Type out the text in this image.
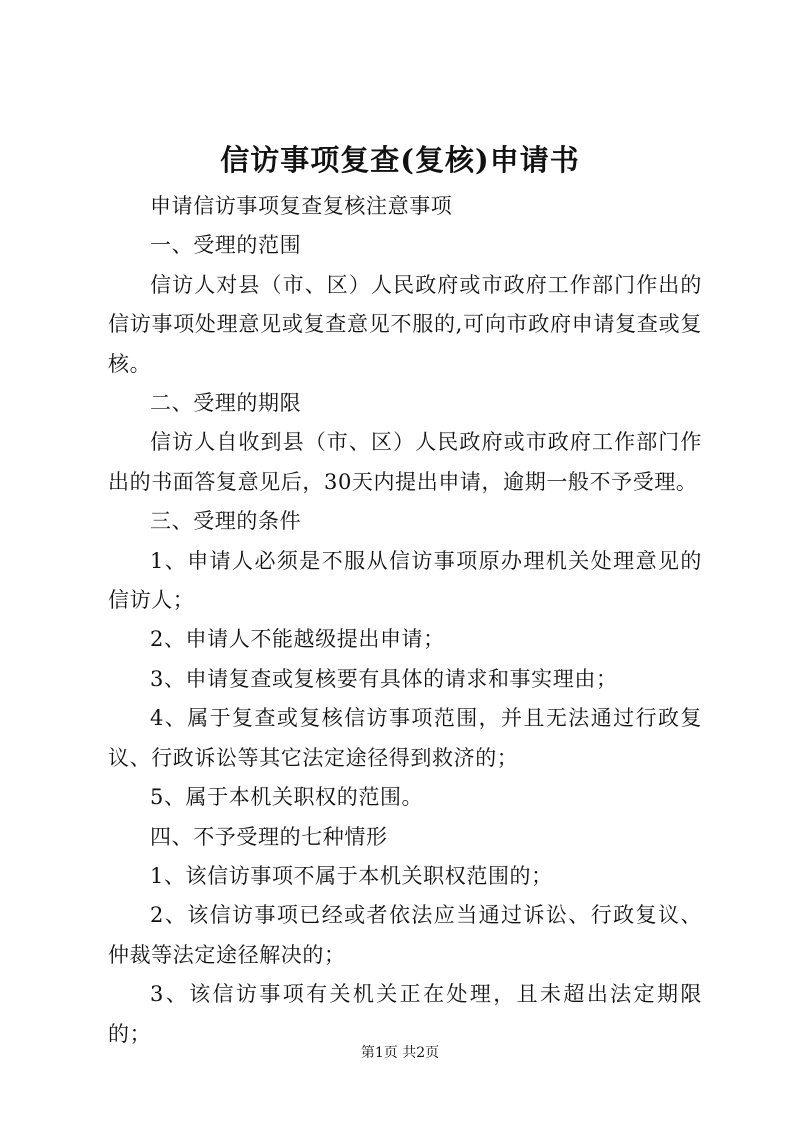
信访事项复查(复核)申请书

申请信访事项复查复核注意事项

一、受理的范围

信访人对县（市、区）人民政府或市政府工作部门作出的信访事项处理意见或复查意见不服的,可向市政府申请复查或复核。

二、受理的期限

信访人自收到县（市、区）人民政府或市政府工作部门作出的书面答复意见后，30天内提出申请，逾期一般不予受理。

三、受理的条件

1、申请人必须是不服从信访事项原办理机关处理意见的信访人；

2、申请人不能越级提出申请；

3、申请复查或复核要有具体的请求和事实理由；

4、属于复查或复核信访事项范围，并且无法通过行政复议、行政诉讼等其它法定途径得到救济的；

5、属于本机关职权的范围。

四、不予受理的七种情形

1、该信访事项不属于本机关职权范围的；

2、该信访事项已经或者依法应当通过诉讼、行政复议、仲裁等法定途径解决的；

3、该信访事项有关机关正在处理，且未超出法定期限的；

第1页 共2页
